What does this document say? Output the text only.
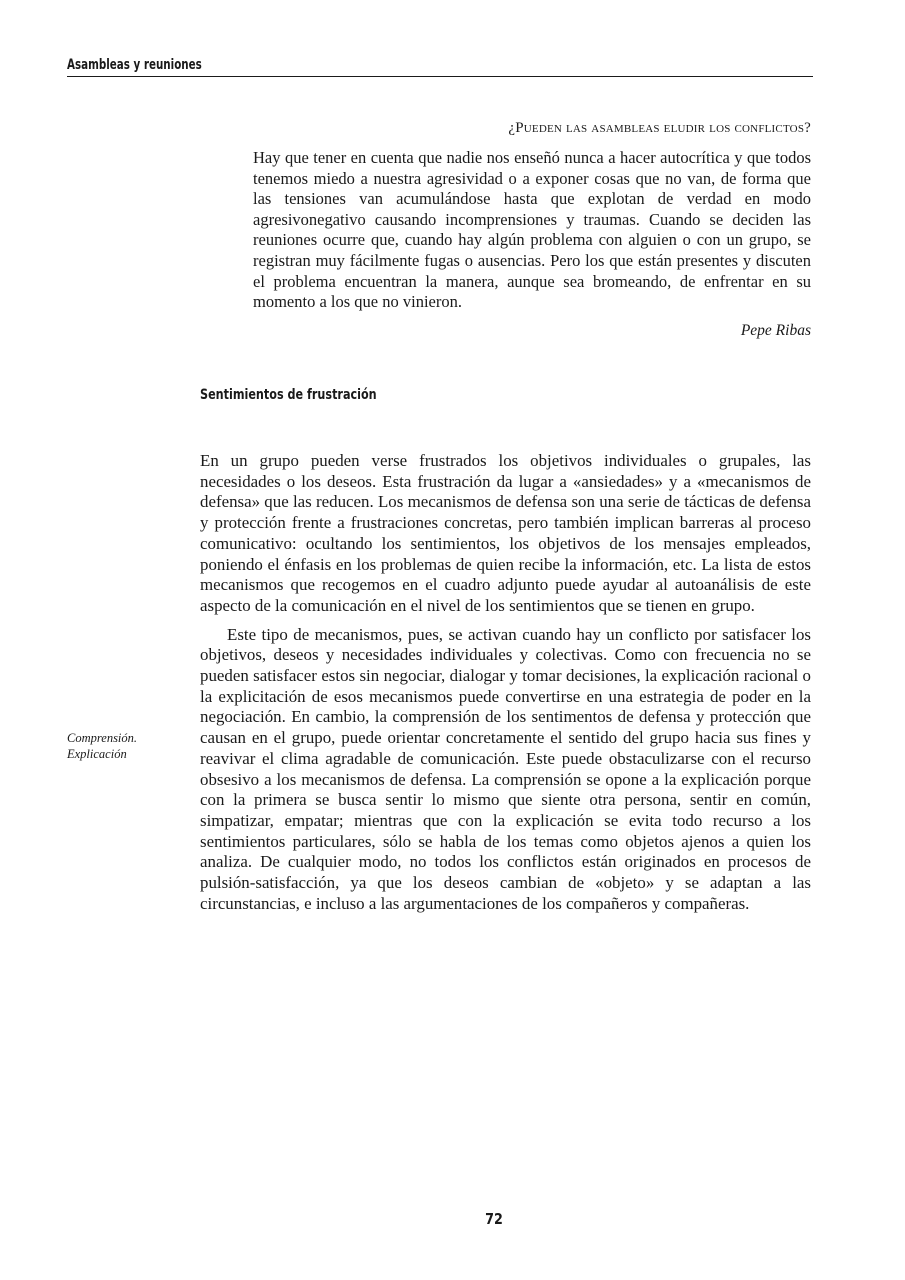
Asambleas y reuniones

¿Pueden las asambleas eludir los conflictos?

Hay que tener en cuenta que nadie nos enseñó nunca a hacer autocrítica y que todos tenemos miedo a nuestra agresividad o a exponer cosas que no van, de forma que las tensiones van acumulándose hasta que explotan de verdad en modo agresivonegativo causando incomprensiones y traumas. Cuando se deciden las reuniones ocurre que, cuando hay algún problema con alguien o con un grupo, se registran muy fácilmente fugas o ausencias. Pero los que están presentes y discuten el problema encuentran la manera, aunque sea bromeando, de enfrentar en su momento a los que no vinieron.

Pepe Ribas

Sentimientos de frustración

En un grupo pueden verse frustrados los objetivos individuales o grupales, las necesidades o los deseos. Esta frustración da lugar a «ansiedades» y a «mecanismos de defensa» que las reducen. Los mecanismos de defensa son una serie de tácticas de defensa y protección frente a frustraciones concretas, pero también implican barreras al proceso comunicativo: ocultando los sentimientos, los objetivos de los mensajes empleados, poniendo el énfasis en los problemas de quien recibe la información, etc. La lista de estos mecanismos que recogemos en el cuadro adjunto puede ayudar al autoanálisis de este aspecto de la comunicación en el nivel de los sentimientos que se tienen en grupo.

Este tipo de mecanismos, pues, se activan cuando hay un conflicto por satisfacer los objetivos, deseos y necesidades individuales y colectivas. Como con frecuencia no se pueden satisfacer estos sin negociar, dialogar y tomar decisiones, la explicación racional o la explicitación de esos mecanismos puede convertirse en una estrategia de poder en la negociación. En cambio, la comprensión de los sentimentos de defensa y protección que causan en el grupo, puede orientar concretamente el sentido del grupo hacia sus fines y reavivar el clima agradable de comunicación. Este puede obstaculizarse con el recurso obsesivo a los mecanismos de defensa. La comprensión se opone a la explicación porque con la primera se busca sentir lo mismo que siente otra persona, sentir en común, simpatizar, empatar; mientras que con la explicación se evita todo recurso a los sentimientos particulares, sólo se habla de los temas como objetos ajenos a quien los analiza. De cualquier modo, no todos los conflictos están originados en procesos de pulsión-satisfacción, ya que los deseos cambian de «objeto» y se adaptan a las circunstancias, e incluso a las argumentaciones de los compañeros y compañeras.

Comprensión.
Explicación

72
